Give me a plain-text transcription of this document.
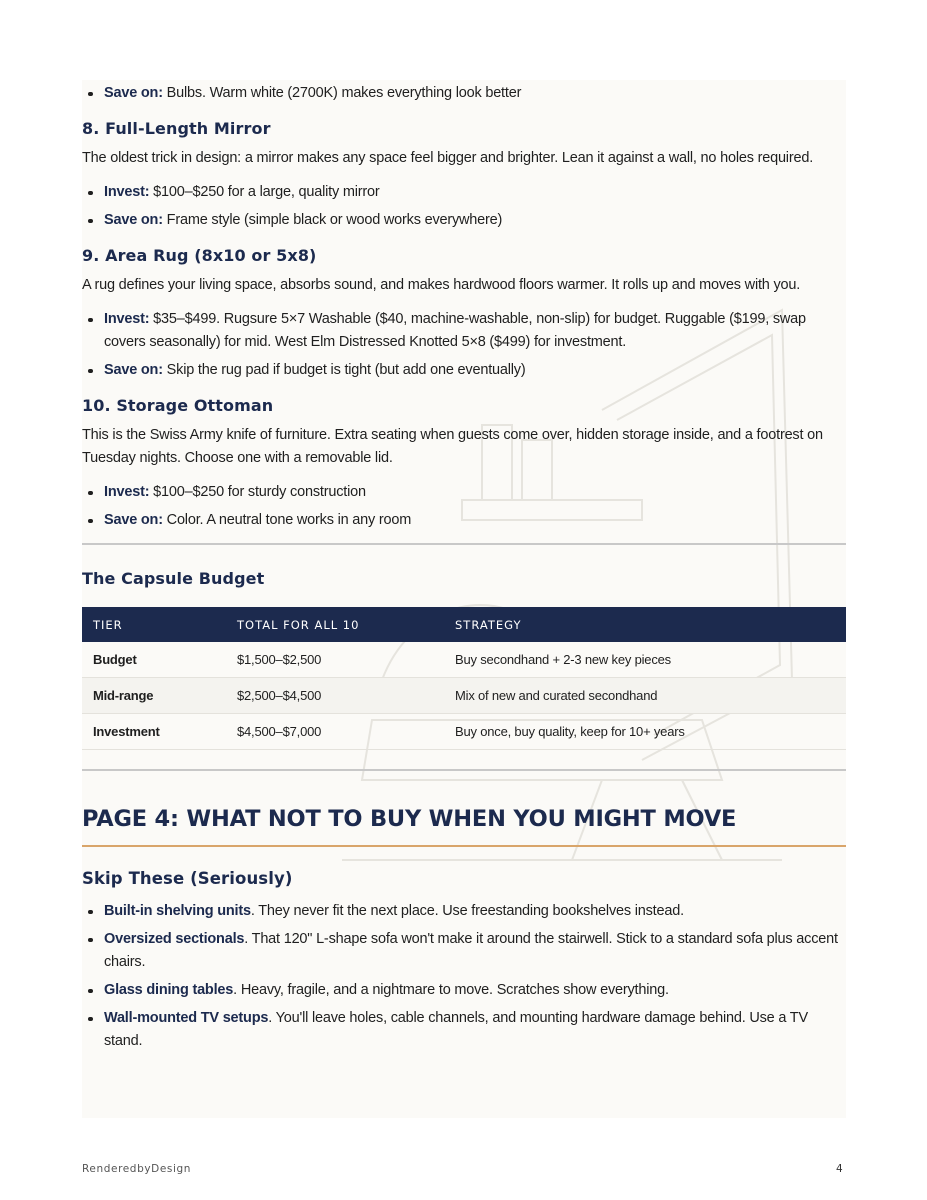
Save on: Bulbs. Warm white (2700K) makes everything look better
8. Full-Length Mirror

The oldest trick in design: a mirror makes any space feel bigger and brighter. Lean it against a wall, no holes required.

Invest: $100–$250 for a large, quality mirror
Save on: Frame style (simple black or wood works everywhere)
9. Area Rug (8x10 or 5x8)

A rug defines your living space, absorbs sound, and makes hardwood floors warmer. It rolls up and moves with you.

Invest: $35–$499. Rugsure 5×7 Washable ($40, machine-washable, non-slip) for budget. Ruggable ($199, swap covers seasonally) for mid. West Elm Distressed Knotted 5×8 ($499) for investment.
Save on: Skip the rug pad if budget is tight (but add one eventually)
10. Storage Ottoman

This is the Swiss Army knife of furniture. Extra seating when guests come over, hidden storage inside, and a footrest on Tuesday nights. Choose one with a removable lid.

Invest: $100–$250 for sturdy construction
Save on: Color. A neutral tone works in any room
The Capsule Budget
TIER	TOTAL FOR ALL 10	STRATEGY
Budget	$1,500–$2,500	Buy secondhand + 2-3 new key pieces
Mid-range	$2,500–$4,500	Mix of new and curated secondhand
Investment	$4,500–$7,000	Buy once, buy quality, keep for 10+ years
PAGE 4: WHAT NOT TO BUY WHEN YOU MIGHT MOVE
Skip These (Seriously)
Built-in shelving units. They never fit the next place. Use freestanding bookshelves instead.
Oversized sectionals. That 120" L-shape sofa won't make it around the stairwell. Stick to a standard sofa plus accent chairs.
Glass dining tables. Heavy, fragile, and a nightmare to move. Scratches show everything.
Wall-mounted TV setups. You'll leave holes, cable channels, and mounting hardware damage behind. Use a TV stand.
RenderedbyDesign	4
